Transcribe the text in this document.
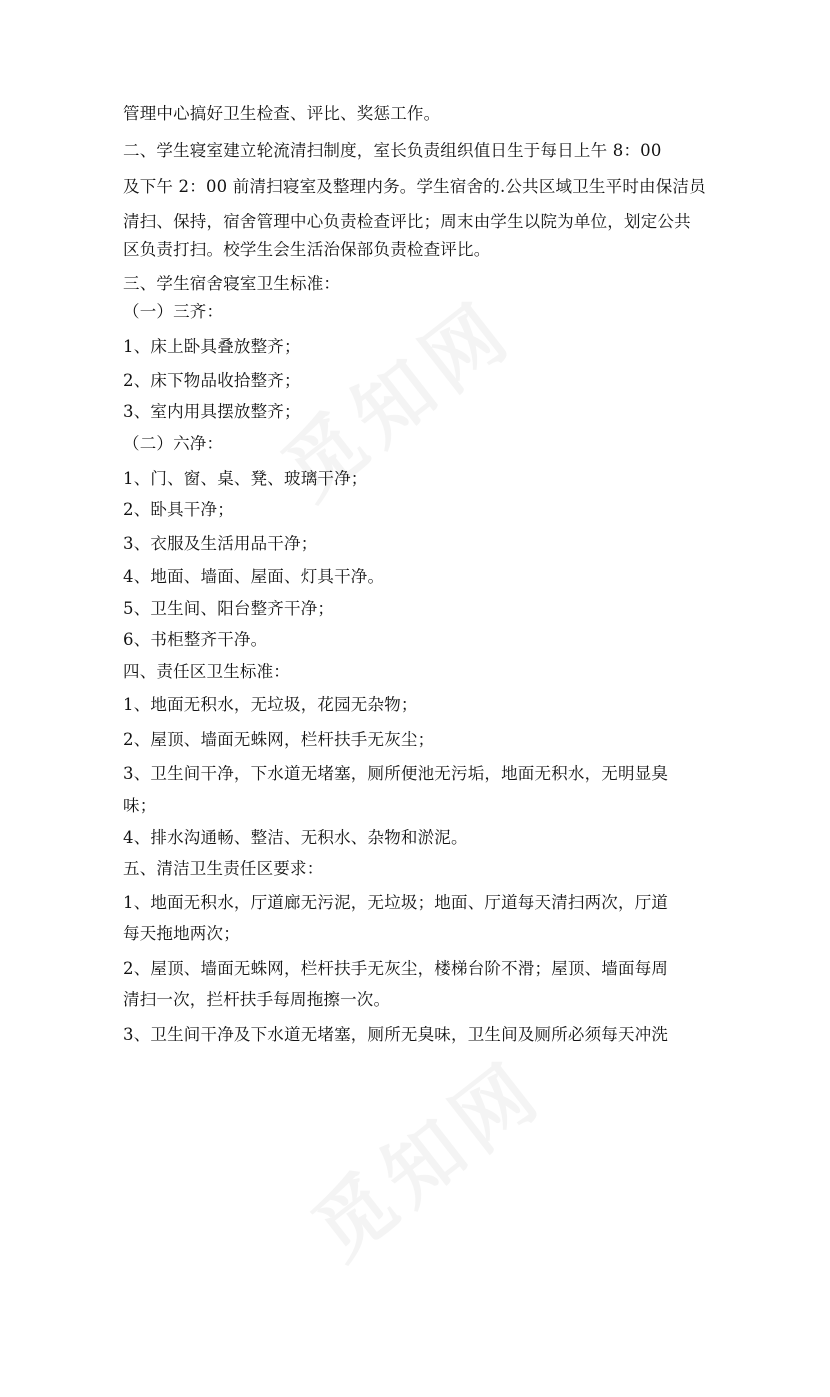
管理中心搞好卫生检查、评比、奖惩工作。
二、学生寝室建立轮流清扫制度，室长负责组织值日生于每日上午 8：00
及下午 2：00 前清扫寝室及整理内务。学生宿舍的.公共区域卫生平时由保洁员
清扫、保持，宿舍管理中心负责检查评比；周末由学生以院为单位，划定公共
区负责打扫。校学生会生活治保部负责检查评比。
三、学生宿舍寝室卫生标准：
（一）三齐：
1、床上卧具叠放整齐；
2、床下物品收拾整齐；
3、室内用具摆放整齐；
（二）六净：
1、门、窗、桌、凳、玻璃干净；
2、卧具干净；
3、衣服及生活用品干净；
4、地面、墙面、屋面、灯具干净。
5、卫生间、阳台整齐干净；
6、书柜整齐干净。
四、责任区卫生标准：
1、地面无积水，无垃圾，花园无杂物；
2、屋顶、墙面无蛛网，栏杆扶手无灰尘；
3、卫生间干净，下水道无堵塞，厕所便池无污垢，地面无积水，无明显臭
味；
4、排水沟通畅、整洁、无积水、杂物和淤泥。
五、清洁卫生责任区要求：
1、地面无积水，厅道廊无污泥，无垃圾；地面、厅道每天清扫两次，厅道
每天拖地两次；
2、屋顶、墙面无蛛网，栏杆扶手无灰尘，楼梯台阶不滑；屋顶、墙面每周
清扫一次，拦杆扶手每周拖擦一次。
3、卫生间干净及下水道无堵塞，厕所无臭味，卫生间及厕所必须每天冲洗
